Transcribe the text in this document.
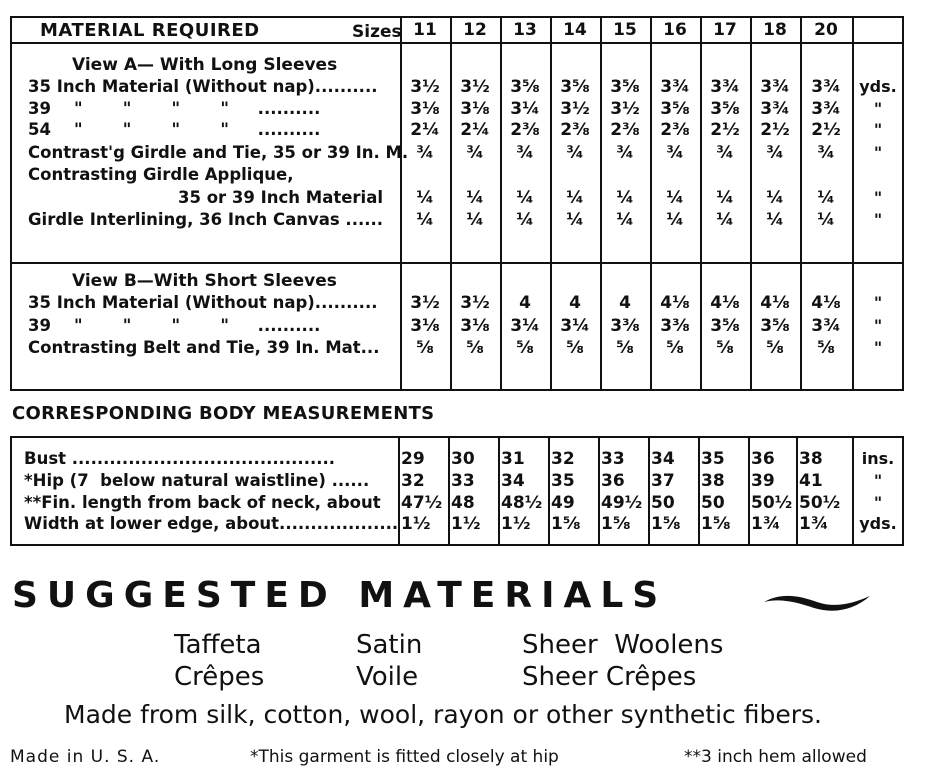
MATERIAL REQUIRED	Sizes 11	12	13	14	15	16	17	18	20
View A— With Long Sleeves
35 Inch Material (Without nap)..........	3½	3½	3⅝	3⅝	3⅝	3¾	3¾	3¾	3¾	yds.
39    "       "       "       "     ..........	3⅛	3⅛	3¼	3½	3½	3⅝	3⅝	3¾	3¾	"
54    "       "       "       "     ..........	2¼	2¼	2⅜	2⅜	2⅜	2⅜	2½	2½	2½	"
Contrast'g Girdle and Tie, 35 or 39 In. M. ¾	¾	¾	¾	¾	¾	¾	¾	¾	"
Contrasting Girdle Applique,
35 or 39 Inch Material	¼	¼	¼	¼	¼	¼	¼	¼	¼	"
Girdle Interlining, 36 Inch Canvas ......	¼	¼	¼	¼	¼	¼	¼	¼	¼	"
View B—With Short Sleeves
35 Inch Material (Without nap)..........	3½	3½	4	4	4	4⅛	4⅛	4⅛	4⅛	"
39    "       "       "       "     ..........	3⅛	3⅛	3¼	3¼	3⅜	3⅜	3⅝	3⅝	3¾	"
Contrasting Belt and Tie, 39 In. Mat...	⅝	⅝	⅝	⅝	⅝	⅝	⅝	⅝	⅝	"
CORRESPONDING BODY MEASUREMENTS
Bust ..........................................	29 30 31 32 33 34 35 36 38	ins.
*Hip (7  below natural waistline) ...... 32 33 34 35 36 37 38 39 41	"
**Fin. length from back of neck, about 47½ 48 48½ 49 49½ 50 50 50½ 50½	"
Width at lower edge, about................... 1½ 1½ 1½ 1⅝ 1⅝ 1⅝ 1⅝ 1¾ 1¾	yds.
SUGGESTED MATERIALS
Taffeta
Crêpes
Satin
Voile
Sheer  Woolens
Sheer Crêpes
Made from silk, cotton, wool, rayon or other synthetic fibers.
Made in U. S. A.	*This garment is fitted closely at hip	**3 inch hem allowed
